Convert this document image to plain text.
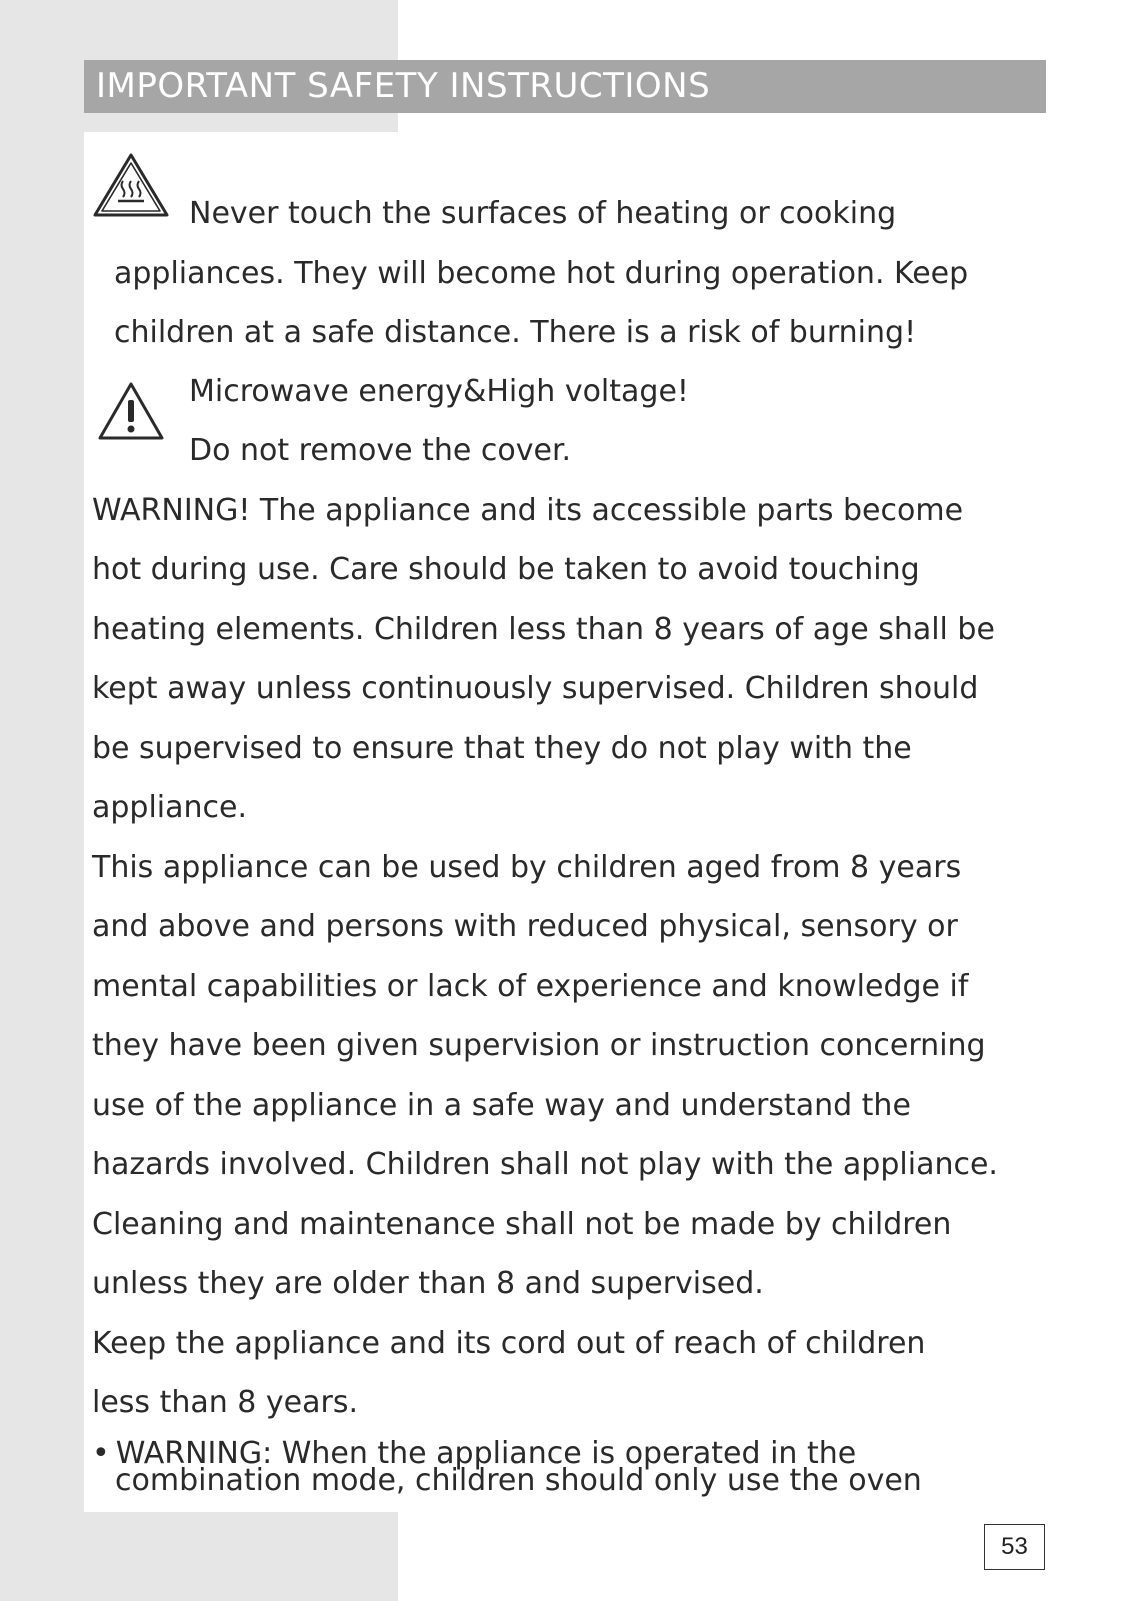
IMPORTANT SAFETY INSTRUCTIONS
Never touch the surfaces of heating or cooking
appliances. They will become hot during operation. Keep
children at a safe distance. There is a risk of burning!
Microwave energy&High voltage!
Do not remove the cover.
WARNING! The appliance and its accessible parts become
hot during use. Care should be taken to avoid touching
heating elements. Children less than 8 years of age shall be
kept away unless continuously supervised. Children should
be supervised to ensure that they do not play with the
appliance.
This appliance can be used by children aged from 8 years
and above and persons with reduced physical, sensory or
mental capabilities or lack of experience and knowledge if
they have been given supervision or instruction concerning
use of the appliance in a safe way and understand the
hazards involved. Children shall not play with the appliance.
Cleaning and maintenance shall not be made by children
unless they are older than 8 and supervised.
Keep the appliance and its cord out of reach of children
less than 8 years.
• WARNING: When the appliance is operated in the
combination mode, children should only use the oven
53
